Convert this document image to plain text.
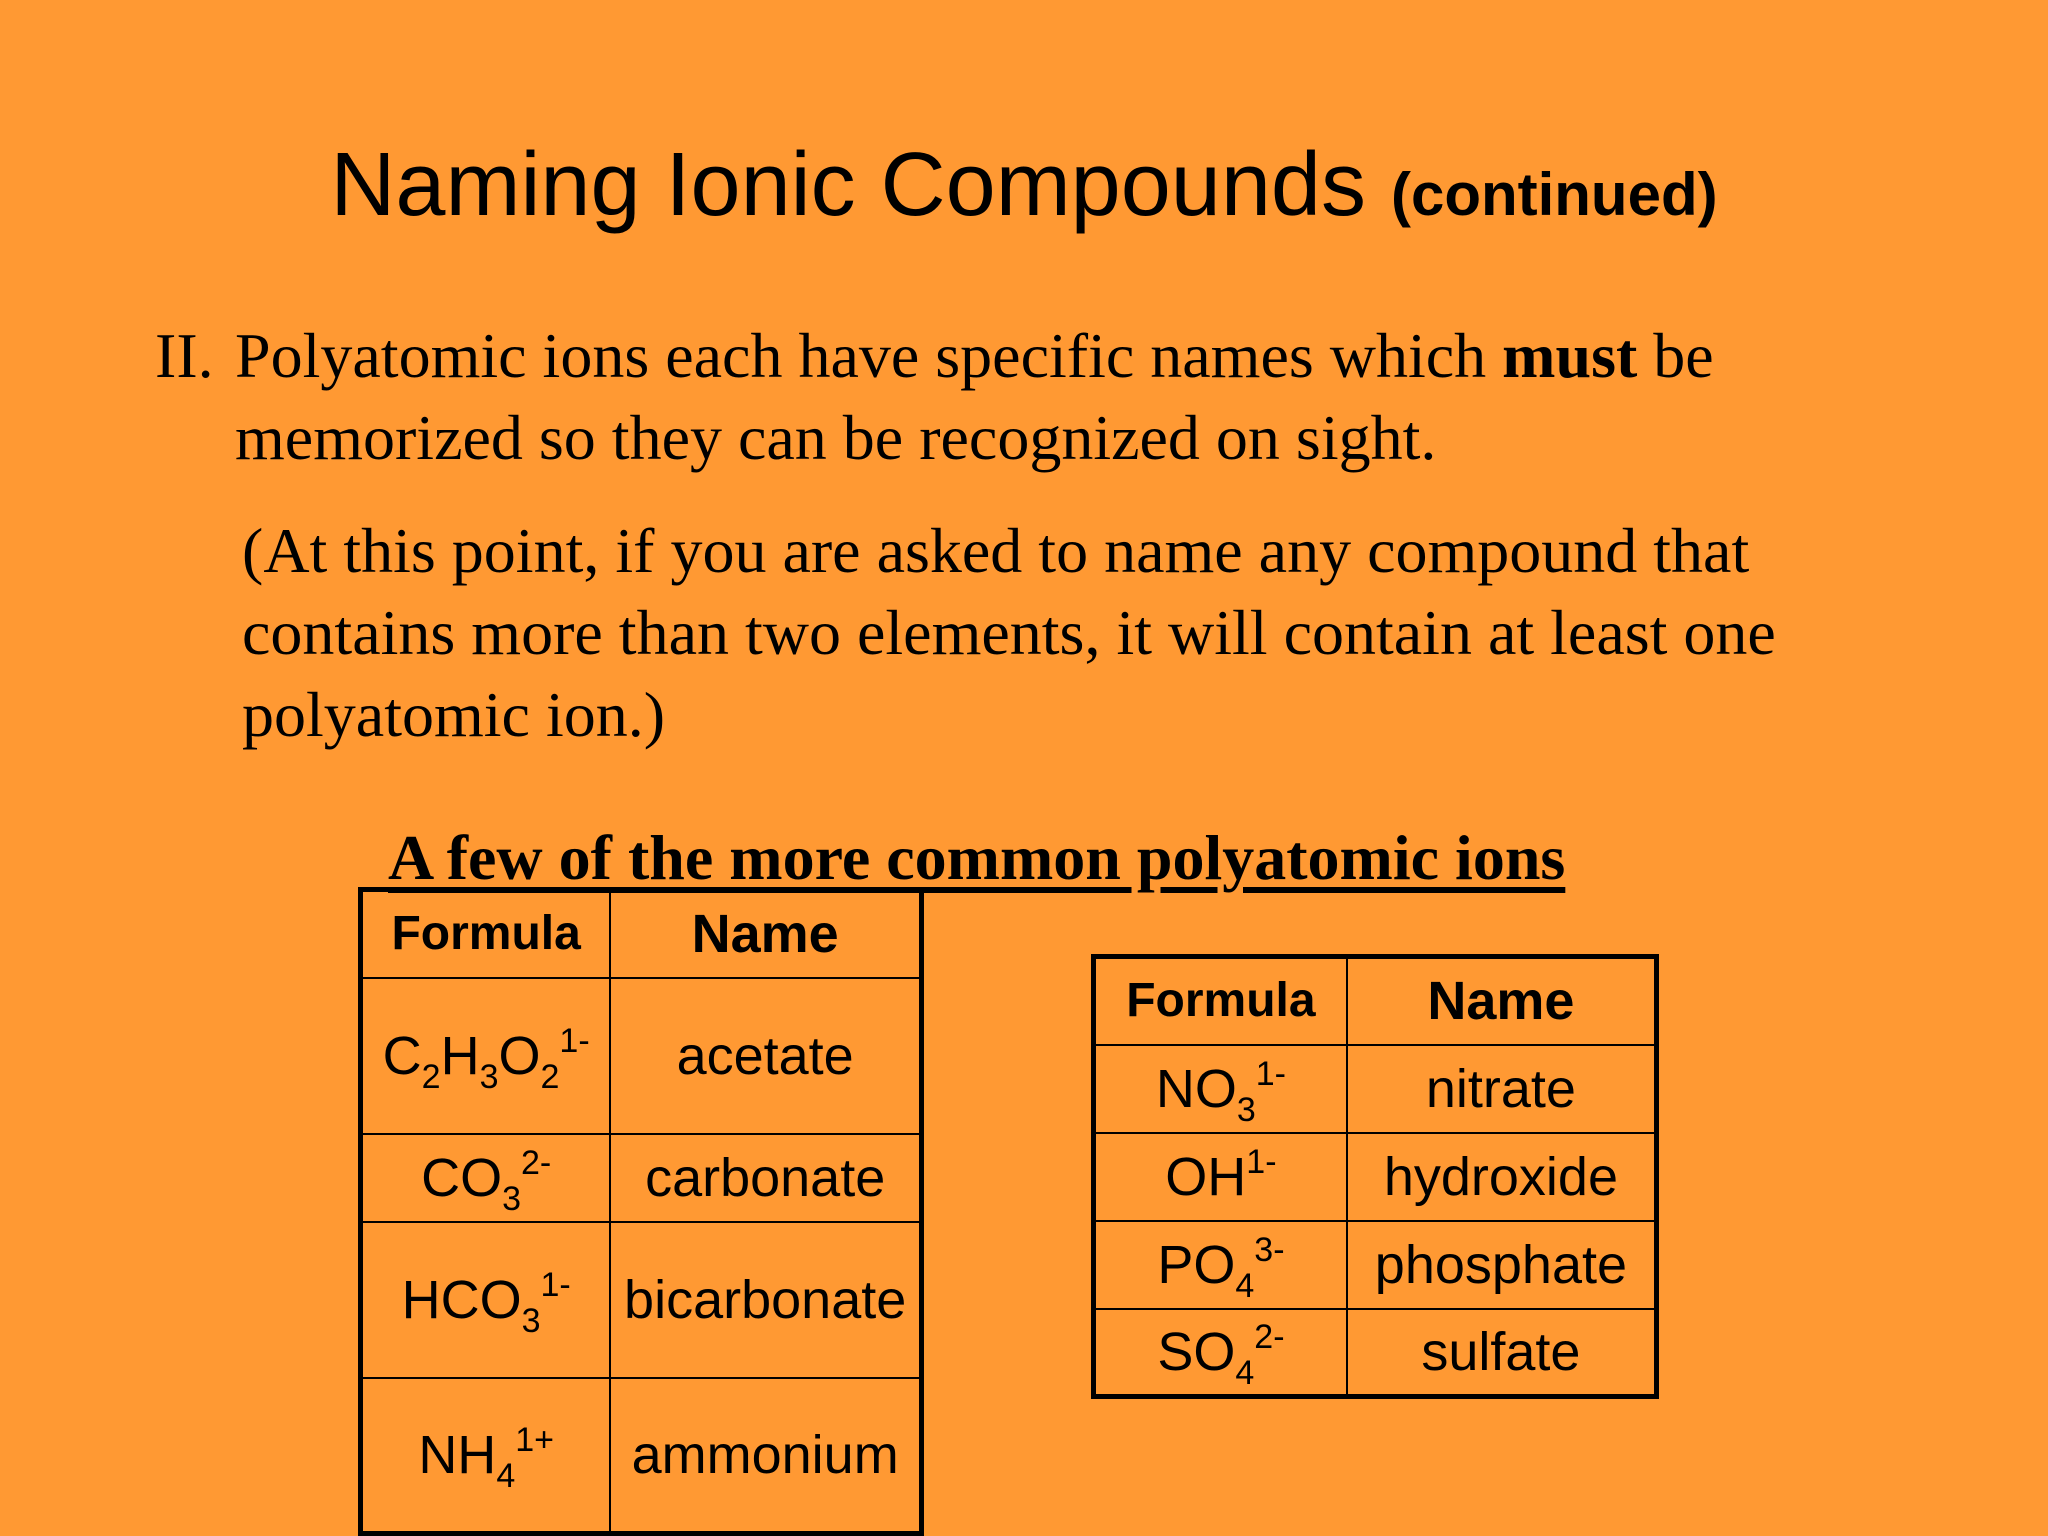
Naming Ionic Compounds (continued)
II. Polyatomic ions each have specific names which must be memorized so they can be recognized on sight.
(At this point, if you are asked to name any compound that contains more than two elements, it will contain at least one polyatomic ion.)
A few of the more common polyatomic ions
Formula	Name
$C_2H_3O_2^{1-}$	acetate
$CO_3^{2-}$	carbonate
$HCO_3^{1-}$	bicarbonate

$NH_4^{1+}$	ammonium
Formula	Name
$NO_3^{1-}$	nitrate
$OH^{1-}$	hydroxide
$PO_4^{3-}$	phosphate
$SO_4^{2-}$	sulfate
